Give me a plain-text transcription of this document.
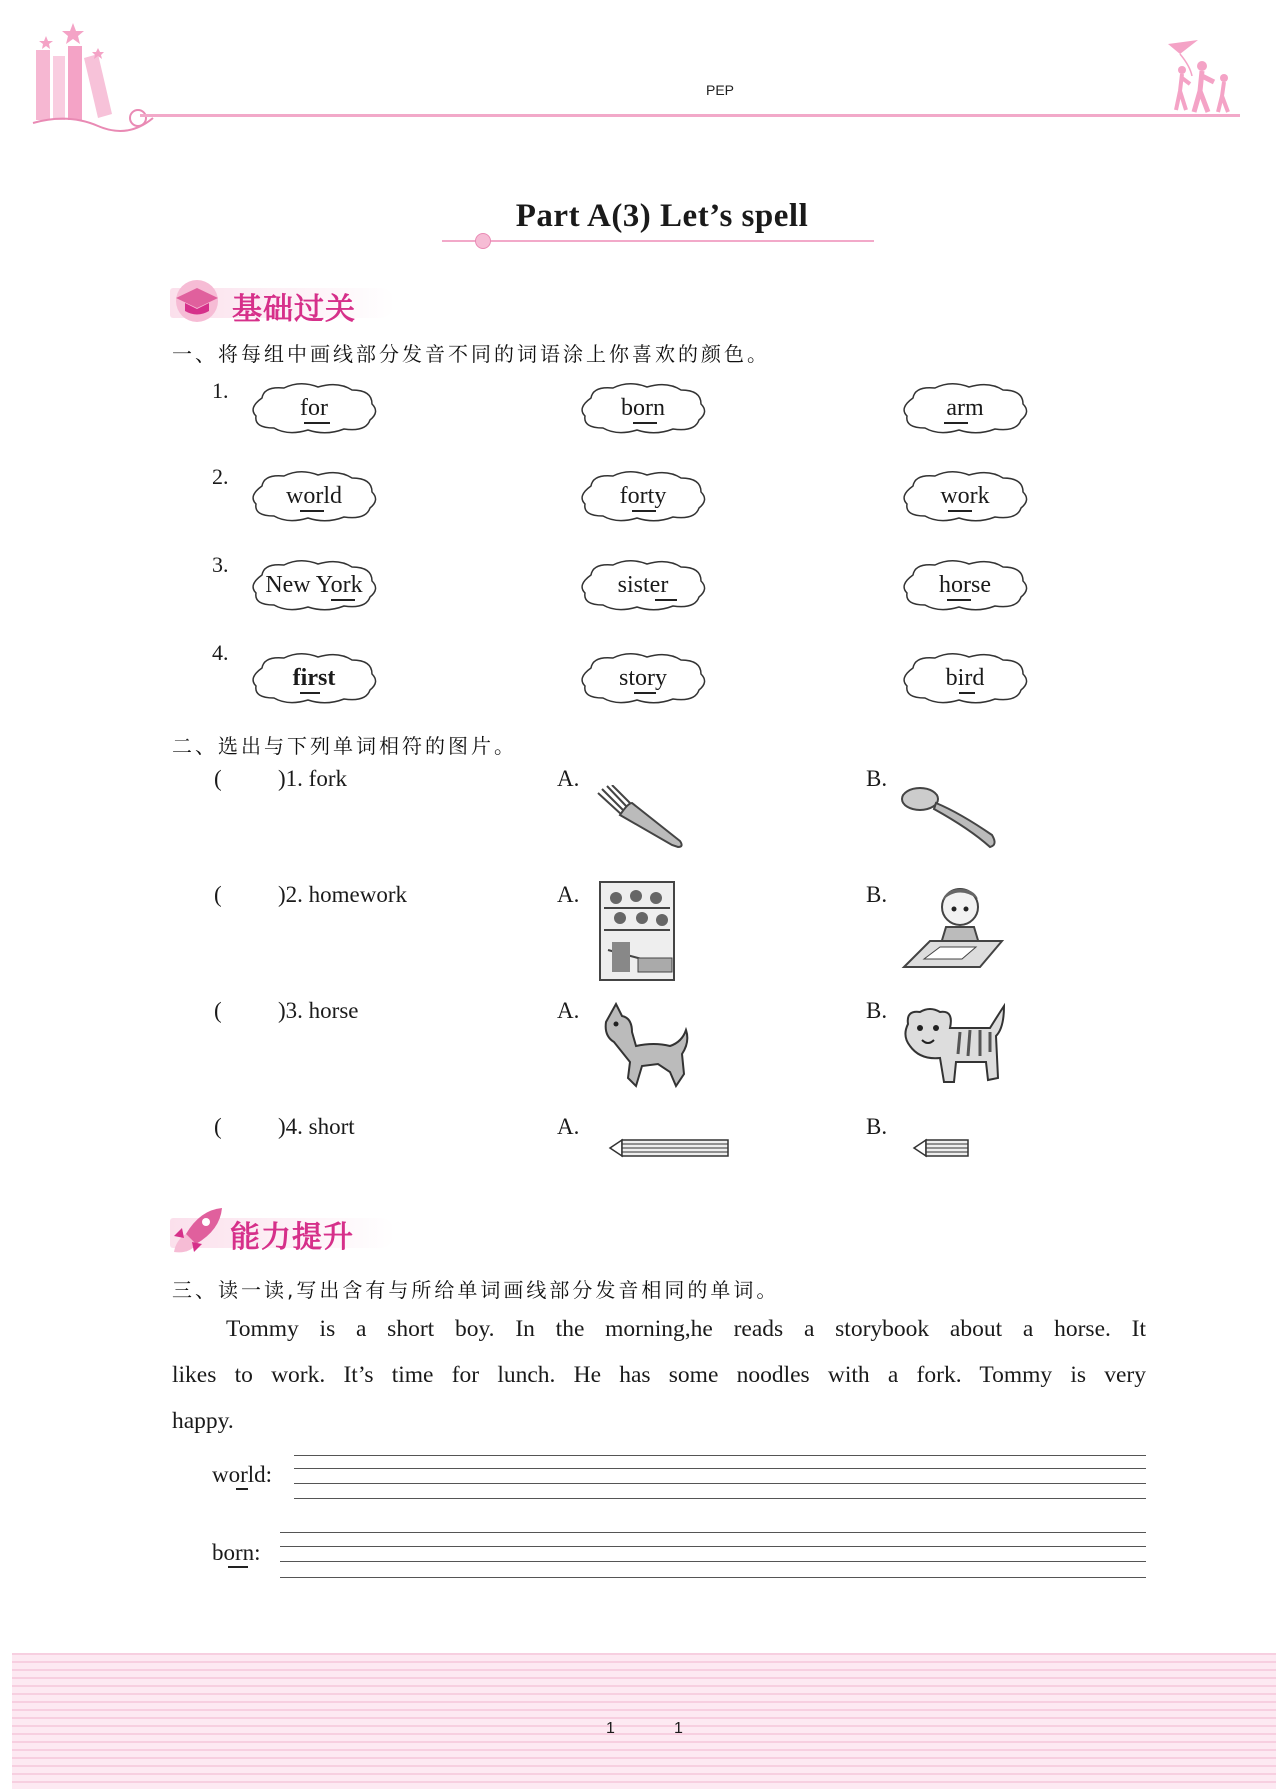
PEP
Part A(3) Let’s spell
基础过关
一、将每组中画线部分发音不同的词语涂上你喜欢的颜色。
1.
for	born	arm
2.
world	forty	work
3.
New York	sister	horse
4.
first	story	bird
二、选出与下列单词相符的图片。
( )1. fork	A.	B.
( )2. homework	A.	B.
( )3. horse	A.	B.
( )4. short	A.	B.
能力提升
三、读一读,写出含有与所给单词画线部分发音相同的单词。
Tommy is a short boy. In the morning,he reads a storybook about a horse. It
likes to work. It’s time for lunch. He has some noodles with a fork. Tommy is very
happy.
world:
born:
1	1
